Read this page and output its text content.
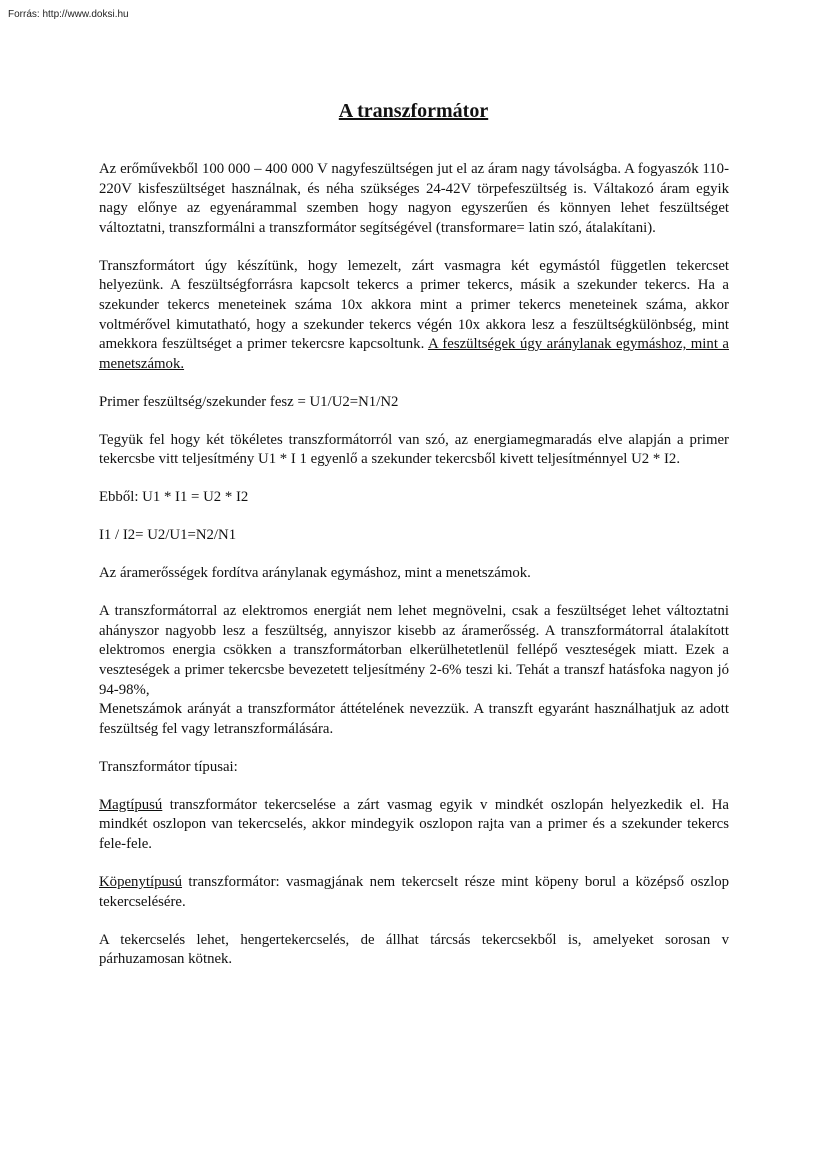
Forrás: http://www.doksi.hu
A transzformátor

Az erőművekből 100 000 – 400 000 V nagyfeszültségen jut el az áram nagy távolságba. A fogyaszók 110-220V kisfeszültséget használnak, és néha szükséges 24-42V törpefeszültség is. Váltakozó áram egyik nagy előnye az egyenárammal szemben hogy nagyon egyszerűen és könnyen lehet feszültséget változtatni, transzformálni a transzformátor segítségével (transformare= latin szó, átalakítani).

Transzformátort úgy készítünk, hogy lemezelt, zárt vasmagra két egymástól független tekercset helyezünk. A feszültségforrásra kapcsolt tekercs a primer tekercs, másik a szekunder tekercs. Ha a szekunder tekercs meneteinek száma 10x akkora mint a primer tekercs meneteinek száma, akkor voltmérővel kimutatható, hogy a szekunder tekercs végén 10x akkora lesz a feszültségkülönbség, mint amekkora feszültséget a primer tekercsre kapcsoltunk. A feszültségek úgy aránylanak egymáshoz, mint a menetszámok.

Primer feszültség/szekunder fesz = U1/U2=N1/N2

Tegyük fel hogy két tökéletes transzformátorról van szó, az energiamegmaradás elve alapján a primer tekercsbe vitt teljesítmény U1 * I 1 egyenlő a szekunder tekercsből kivett teljesítménnyel U2 * I2.

Ebből: U1 * I1 = U2 * I2

I1 / I2= U2/U1=N2/N1

Az áramerősségek fordítva aránylanak egymáshoz, mint a menetszámok.

A transzformátorral az elektromos energiát nem lehet megnövelni, csak a feszültséget lehet változtatni ahányszor nagyobb lesz a feszültség, annyiszor kisebb az áramerősség. A transzformátorral átalakított elektromos energia csökken a transzformátorban elkerülhetetlenül fellépő veszteségek miatt. Ezek a veszteségek a primer tekercsbe bevezetett teljesítmény 2-6% teszi ki. Tehát a transzf hatásfoka nagyon jó 94-98%,

Menetszámok arányát a transzformátor áttételének nevezzük. A transzft egyaránt használhatjuk az adott feszültség fel vagy letranszformálására.

Transzformátor típusai:

Magtípusú transzformátor tekercselése a zárt vasmag egyik v mindkét oszlopán helyezkedik el. Ha mindkét oszlopon van tekercselés, akkor mindegyik oszlopon rajta van a primer és a szekunder tekercs fele-fele.

Köpenytípusú transzformátor: vasmagjának nem tekercselt része mint köpeny borul a középső oszlop tekercselésére.

A tekercselés lehet, hengertekercselés, de állhat tárcsás tekercsekből is, amelyeket sorosan v párhuzamosan kötnek.
